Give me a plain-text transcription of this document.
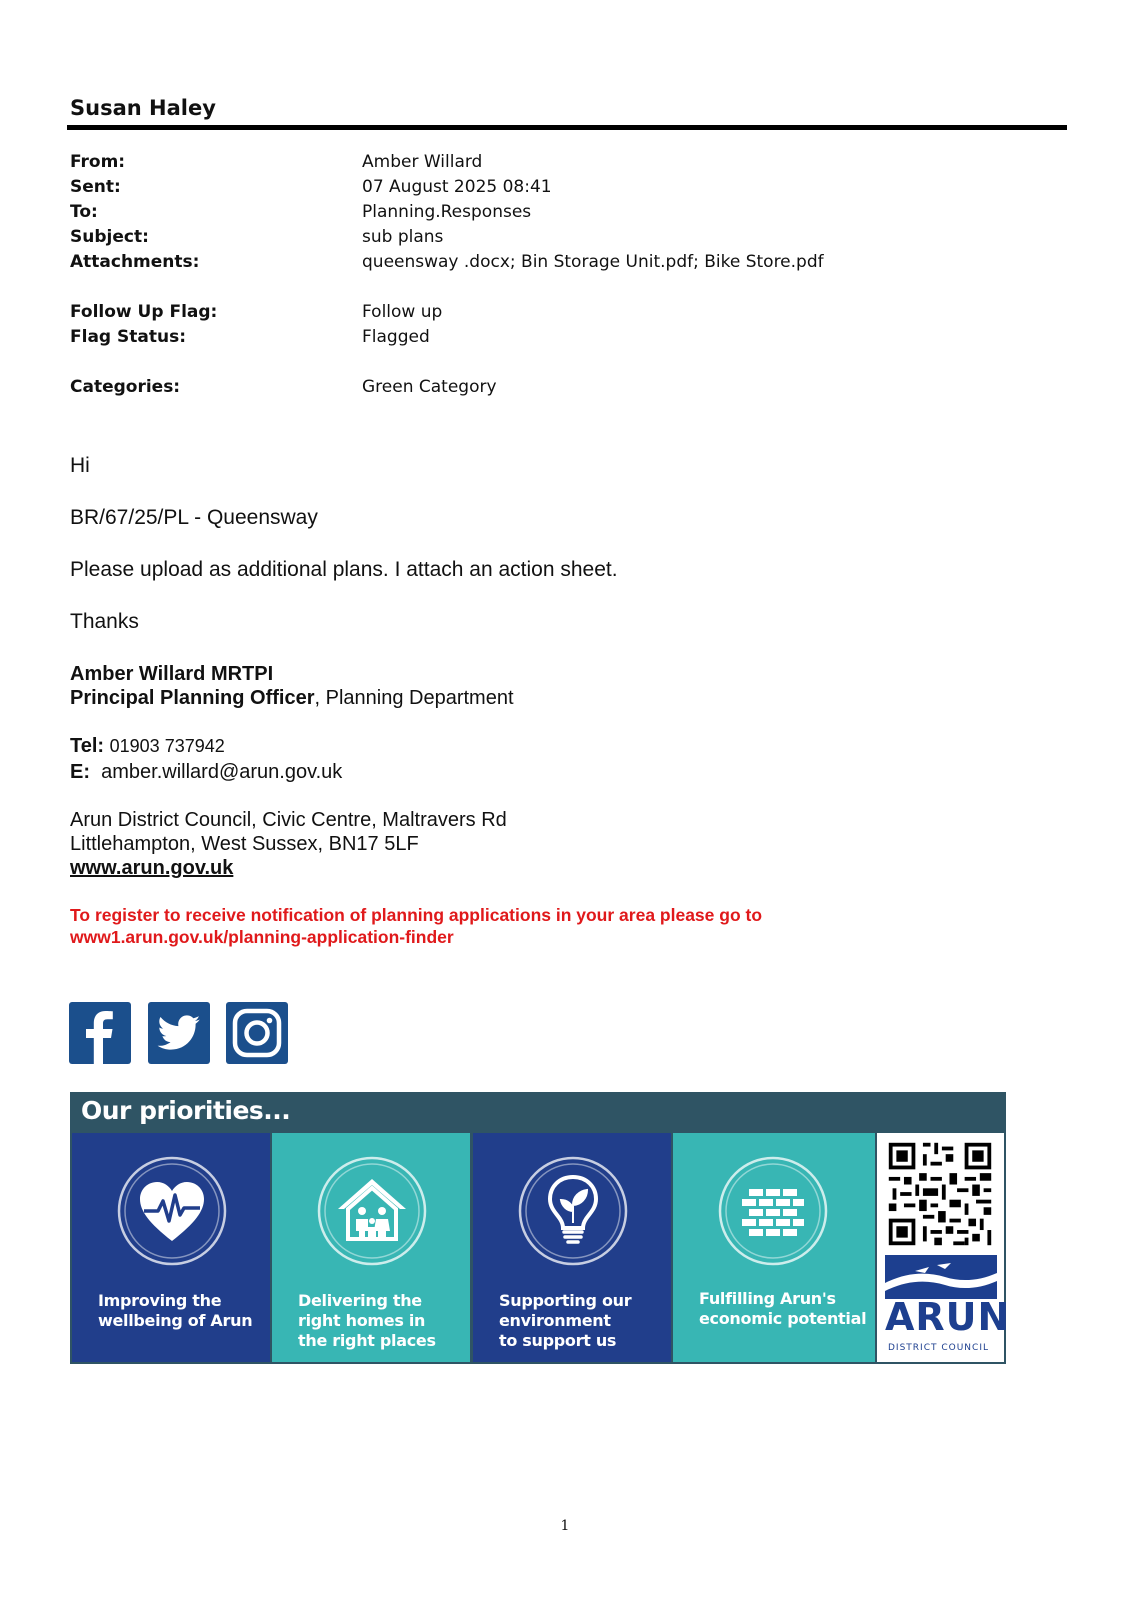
Susan Haley
From:	Amber Willard
Sent:	07 August 2025 08:41
To:	Planning.Responses
Subject:	sub plans
Attachments:	queensway .docx; Bin Storage Unit.pdf; Bike Store.pdf
Follow Up Flag:	Follow up
Flag Status:	Flagged
Categories:	Green Category
Hi
BR/67/25/PL - Queensway
Please upload as additional plans. I attach an action sheet.
Thanks
Amber Willard MRTPI
Principal Planning Officer, Planning Department
Tel: 01903 737942
E: amber.willard@arun.gov.uk
Arun District Council, Civic Centre, Maltravers Rd
Littlehampton, West Sussex, BN17 5LF
www.arun.gov.uk
To register to receive notification of planning applications in your area please go to
www1.arun.gov.uk/planning-application-finder
Our priorities...
Improving the
wellbeing of Arun
Delivering the
right homes in
the right places
Supporting our
environment
to support us
Fulfilling Arun's
economic potential ARUN
DISTRICT COUNCIL
1
